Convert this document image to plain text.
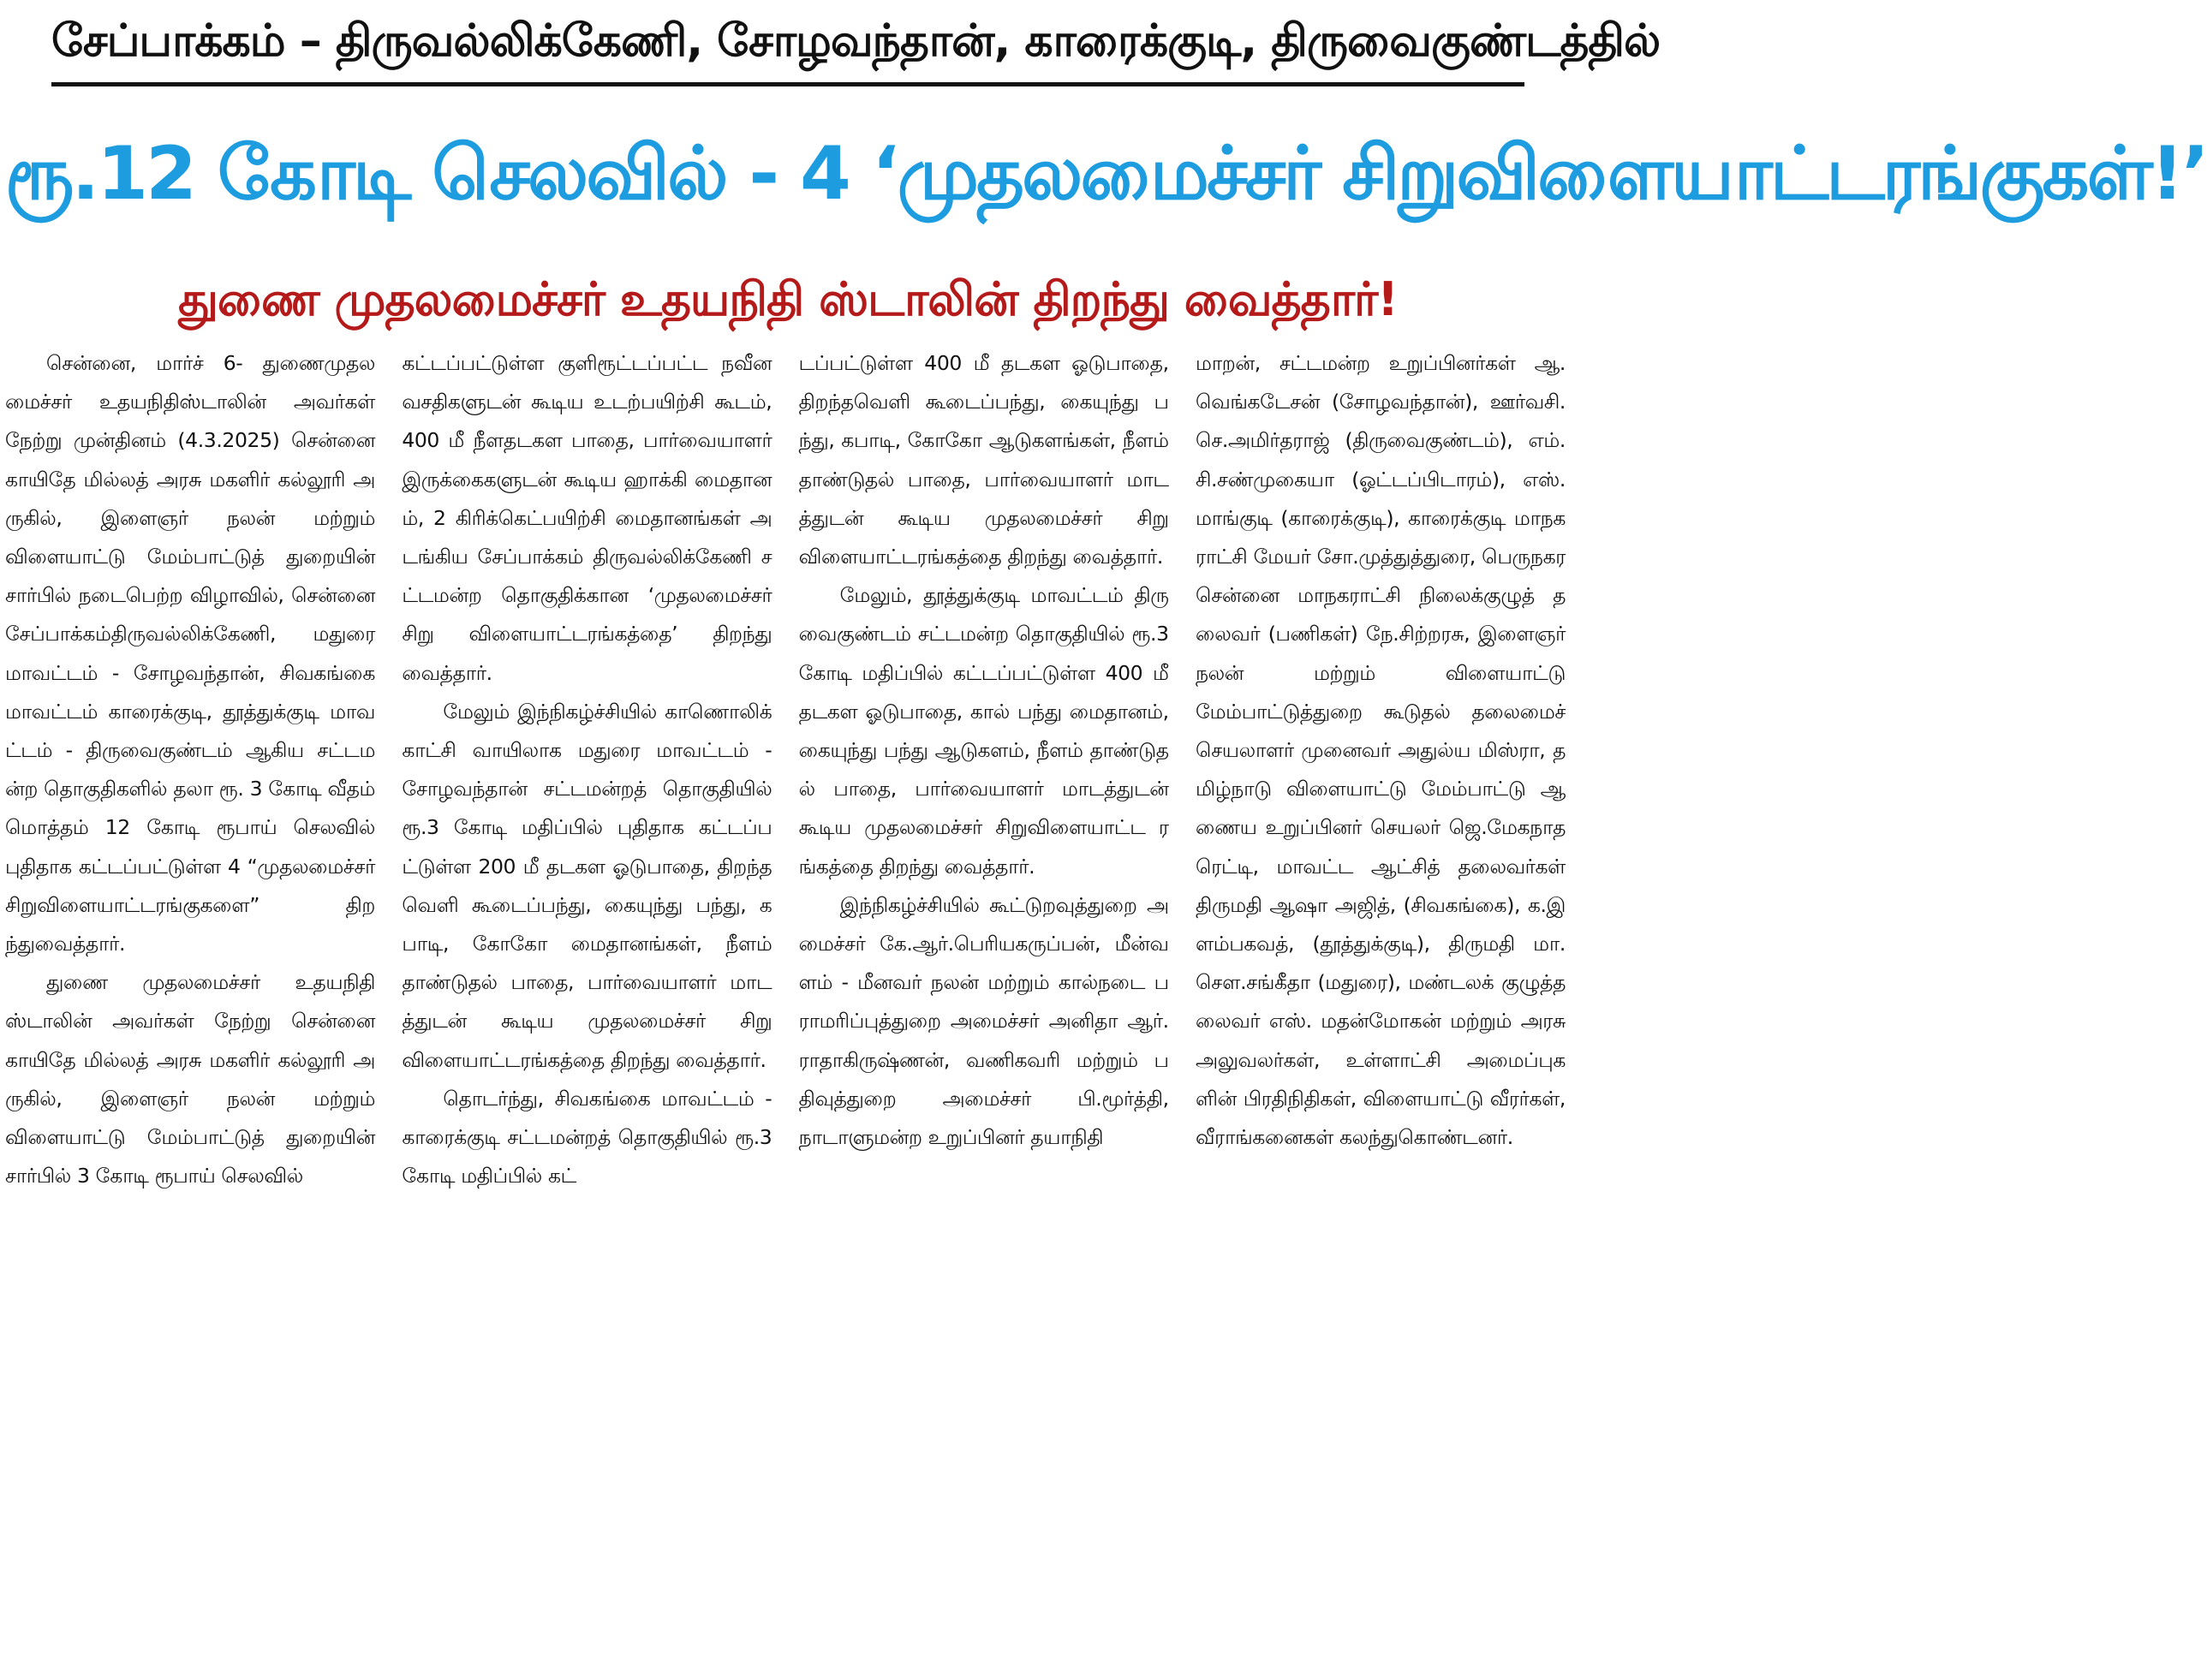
சேப்பாக்கம் – திருவல்லிக்கேணி, சோழவந்தான், காரைக்குடி, திருவைகுண்டத்தில்
ரூ.12 கோடி செலவில் - 4 ‘முதலமைச்சர் சிறுவிளையாட்டரங்குகள்!’
துணை முதலமைச்சர் உதயநிதி ஸ்டாலின் திறந்து வைத்தார்!

சென்னை, மார்ச் 6- துணைமுதலமைச்சர் உதயநிதிஸ்டாலின் அவர்கள் நேற்று முன்தினம் (4.3.2025) சென்னை காயிதே மில்லத் அரசு மகளிர் கல்லூரி அருகில், இளைஞர் நலன் மற்றும் விளையாட்டு மேம்பாட்டுத் துறையின் சார்பில் நடைபெற்ற விழாவில், சென்னை சேப்பாக்கம்திருவல்லிக்கேணி, மதுரை மாவட்டம் - சோழவந்தான், சிவகங்கை மாவட்டம் காரைக்குடி, தூத்துக்குடி மாவட்டம் - திருவைகுண்டம் ஆகிய சட்டமன்ற தொகுதிகளில் தலா ரூ. 3 கோடி வீதம் மொத்தம் 12 கோடி ரூபாய் செலவில் புதிதாக கட்டப்பட்டுள்ள 4 “முதலமைச்சர் சிறுவிளையாட்டரங்குகளை” திறந்துவைத்தார்.

துணை முதலமைச்சர் உதயநிதி ஸ்டாலின் அவர்கள் நேற்று சென்னை காயிதே மில்லத் அரசு மகளிர் கல்லூரி அருகில், இளைஞர் நலன் மற்றும் விளையாட்டு மேம்பாட்டுத் துறையின் சார்பில் 3 கோடி ரூபாய் செலவில்

கட்டப்பட்டுள்ள குளிரூட்டப்பட்ட நவீன வசதிகளுடன் கூடிய உடற்பயிற்சி கூடம், 400 மீ நீளதடகள பாதை, பார்வையாளர் இருக்கைகளுடன் கூடிய ஹாக்கி மைதானம், 2 கிரிக்கெட்பயிற்சி மைதானங்கள் அடங்கிய சேப்பாக்கம் திருவல்லிக்கேணி சட்டமன்ற தொகுதிக்கான ‘முதலமைச்சர் சிறு விளையாட்டரங்கத்தை’ திறந்து வைத்தார்.

மேலும் இந்நிகழ்ச்சியில் காணொலிக் காட்சி வாயிலாக மதுரை மாவட்டம் - சோழவந்தான் சட்டமன்றத் தொகுதியில் ரூ.3 கோடி மதிப்பில் புதிதாக கட்டப்பட்டுள்ள 200 மீ தடகள ஓடுபாதை, திறந்தவெளி கூடைப்பந்து, கையுந்து பந்து, கபாடி, கோகோ மைதானங்கள், நீளம் தாண்டுதல் பாதை, பார்வையாளர் மாடத்துடன் கூடிய முதலமைச்சர் சிறு விளையாட்டரங்கத்தை திறந்து வைத்தார்.

தொடர்ந்து, சிவகங்கை மாவட்டம் - காரைக்குடி சட்டமன்றத் தொகுதியில் ரூ.3 கோடி மதிப்பில் கட்

டப்பட்டுள்ள 400 மீ தடகள ஓடுபாதை, திறந்தவெளி கூடைப்பந்து, கையுந்து பந்து, கபாடி, கோகோ ஆடுகளங்கள், நீளம் தாண்டுதல் பாதை, பார்வையாளர் மாடத்துடன் கூடிய முதலமைச்சர் சிறு விளையாட்டரங்கத்தை திறந்து வைத்தார்.

மேலும், தூத்துக்குடி மாவட்டம் திரு வைகுண்டம் சட்டமன்ற தொகுதியில் ரூ.3 கோடி மதிப்பில் கட்டப்பட்டுள்ள 400 மீ தடகள ஓடுபாதை, கால் பந்து மைதானம், கையுந்து பந்து ஆடுகளம், நீளம் தாண்டுதல் பாதை, பார்வையாளர் மாடத்துடன் கூடிய முதலமைச்சர் சிறுவிளையாட்ட ரங்கத்தை திறந்து வைத்தார்.

இந்நிகழ்ச்சியில் கூட்டுறவுத்துறை அமைச்சர் கே.ஆர்.பெரியகருப்பன், மீன்வளம் - மீனவர் நலன் மற்றும் கால்நடை பராமரிப்புத்துறை அமைச்சர் அனிதா ஆர்.ராதாகிருஷ்ணன், வணிகவரி மற்றும் பதிவுத்துறை அமைச்சர் பி.மூர்த்தி, நாடாளுமன்ற உறுப்பினர் தயாநிதி

மாறன், சட்டமன்ற உறுப்பினர்கள் ஆ.வெங்கடேசன் (சோழவந்தான்), ஊர்வசி. செ.அமிர்தராஜ் (திருவைகுண்டம்), எம்.சி.சண்முகையா (ஓட்டப்பிடாரம்), எஸ்.மாங்குடி (காரைக்குடி), காரைக்குடி மாநகராட்சி மேயர் சோ.முத்துத்துரை, பெருநகர சென்னை மாநகராட்சி நிலைக்குழுத் தலைவர் (பணிகள்) நே.சிற்றரசு, இளைஞர் நலன் மற்றும் விளையாட்டு மேம்பாட்டுத்துறை கூடுதல் தலைமைச் செயலாளர் முனைவர் அதுல்ய மிஸ்ரா, தமிழ்நாடு விளையாட்டு மேம்பாட்டு ஆணைய உறுப்பினர் செயலர் ஜெ.மேகநாத ரெட்டி, மாவட்ட ஆட்சித் தலைவர்கள் திருமதி ஆஷா அஜித், (சிவகங்கை), க.இளம்பகவத், (தூத்துக்குடி), திருமதி மா.சௌ.சங்கீதா (மதுரை), மண்டலக் குழுத்தலைவர் எஸ். மதன்மோகன் மற்றும் அரசு அலுவலர்கள், உள்ளாட்சி அமைப்புகளின் பிரதிநிதிகள், விளையாட்டு வீரர்கள், வீராங்கனைகள் கலந்துகொண்டனர்.
